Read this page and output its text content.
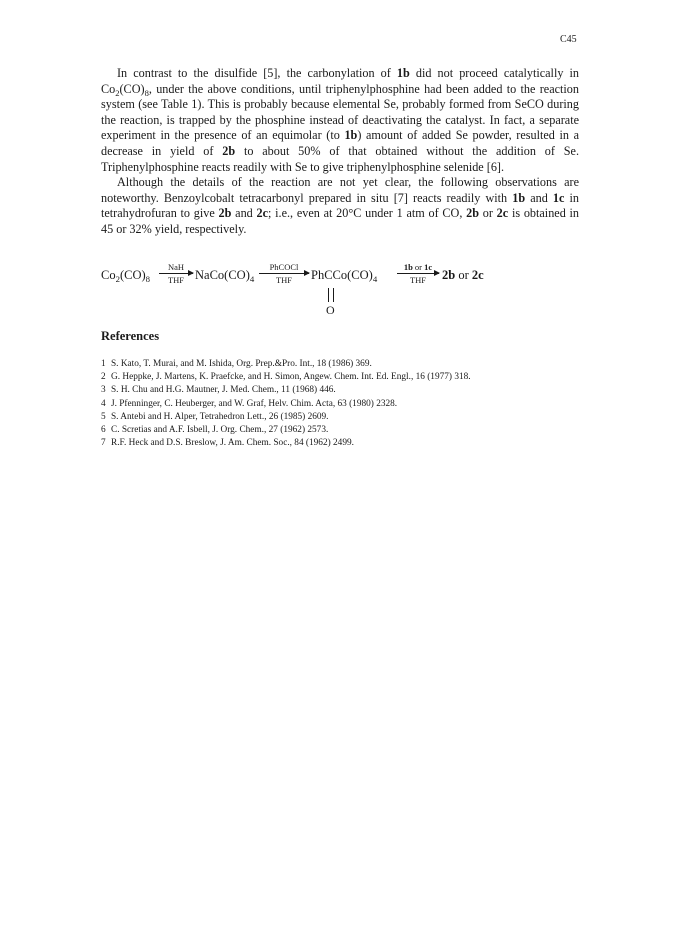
C45

In contrast to the disulfide [5], the carbonylation of 1b did not proceed catalytically in $Co_2(CO)_8$, under the above conditions, until triphenylphosphine had been added to the reaction system (see Table 1). This is probably because elemental Se, probably formed from SeCO during the reaction, is trapped by the phosphine instead of deactivating the catalyst. In fact, a separate experiment in the presence of an equimolar (to 1b) amount of added Se powder, resulted in a decrease in yield of 2b to about 50% of that obtained without the addition of Se. Triphenylphosphine reacts readily with Se to give triphenylphosphine selenide [6].

Although the details of the reaction are not yet clear, the following observations are noteworthy. Benzoylcobalt tetracarbonyl prepared in situ [7] reacts readily with 1b and 1c in tetrahydrofuran to give 2b and 2c; i.e., even at 20°C under 1 atm of CO, 2b or 2c is obtained in 45 or 32% yield, respectively.

$Co_2(CO)_8$
NaH
THF $NaCo(CO)_4$
PhCOCl
THF	$PhCCo(CO)_4$
O
1b or 1c
THF	2b or 2c
References
1 S. Kato, T. Murai, and M. Ishida, Org. Prep.&Pro. Int., 18 (1986) 369.
2 G. Heppke, J. Martens, K. Praefcke, and H. Simon, Angew. Chem. Int. Ed. Engl., 16 (1977) 318.
3 S. H. Chu and H.G. Mautner, J. Med. Chem., 11 (1968) 446.
4 J. Pfenninger, C. Heuberger, and W. Graf, Helv. Chim. Acta, 63 (1980) 2328.
5 S. Antebi and H. Alper, Tetrahedron Lett., 26 (1985) 2609.
6 C. Scretias and A.F. Isbell, J. Org. Chem., 27 (1962) 2573.
7 R.F. Heck and D.S. Breslow, J. Am. Chem. Soc., 84 (1962) 2499.
